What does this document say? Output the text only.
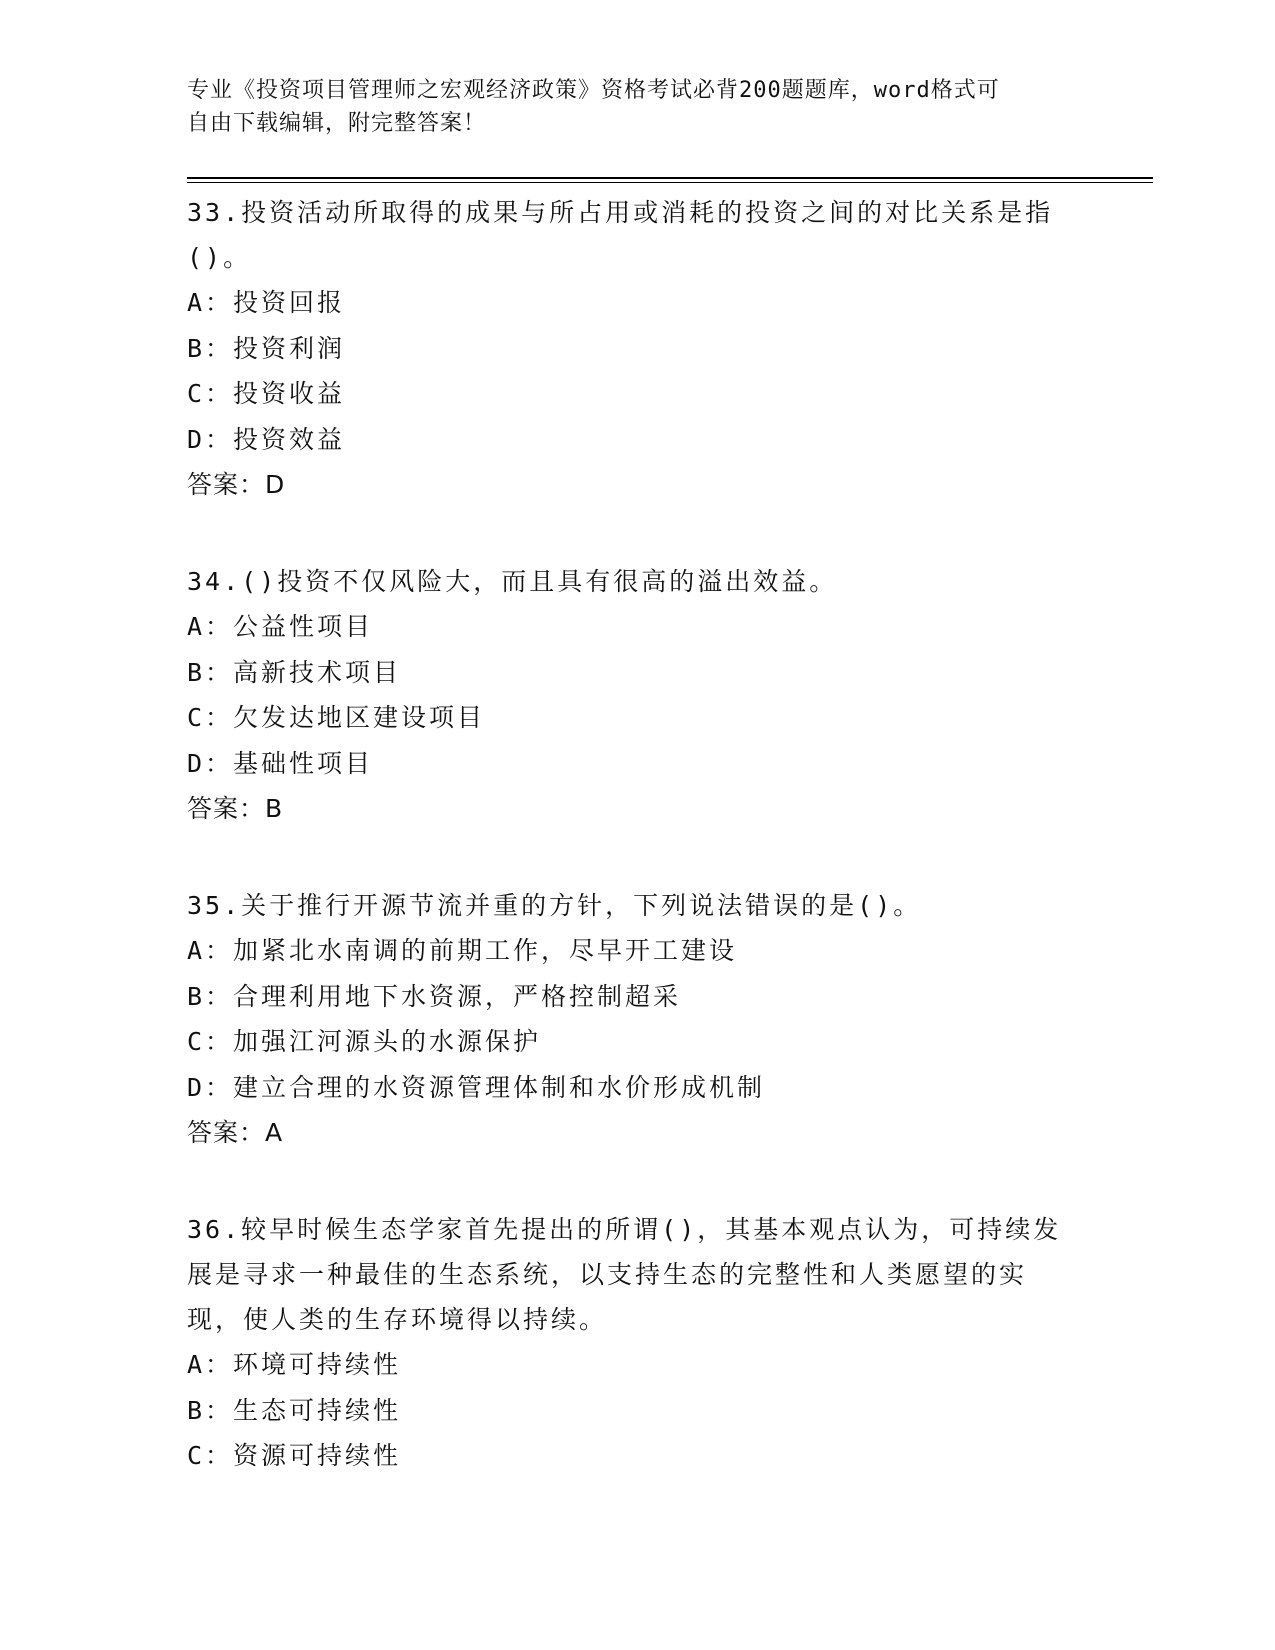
专业《投资项目管理师之宏观经济政策》资格考试必背200题题库，word格式可
自由下载编辑，附完整答案！
33.投资活动所取得的成果与所占用或消耗的投资之间的对比关系是指
()。
A：投资回报
B：投资利润
C：投资收益
D：投资效益
答案：D
34.()投资不仅风险大，而且具有很高的溢出效益。
A：公益性项目
B：高新技术项目
C：欠发达地区建设项目
D：基础性项目
答案：B
35.关于推行开源节流并重的方针，下列说法错误的是()。
A：加紧北水南调的前期工作，尽早开工建设
B：合理利用地下水资源，严格控制超采
C：加强江河源头的水源保护
D：建立合理的水资源管理体制和水价形成机制
答案：A
36.较早时候生态学家首先提出的所谓()，其基本观点认为，可持续发
展是寻求一种最佳的生态系统，以支持生态的完整性和人类愿望的实
现，使人类的生存环境得以持续。
A：环境可持续性
B：生态可持续性
C：资源可持续性
